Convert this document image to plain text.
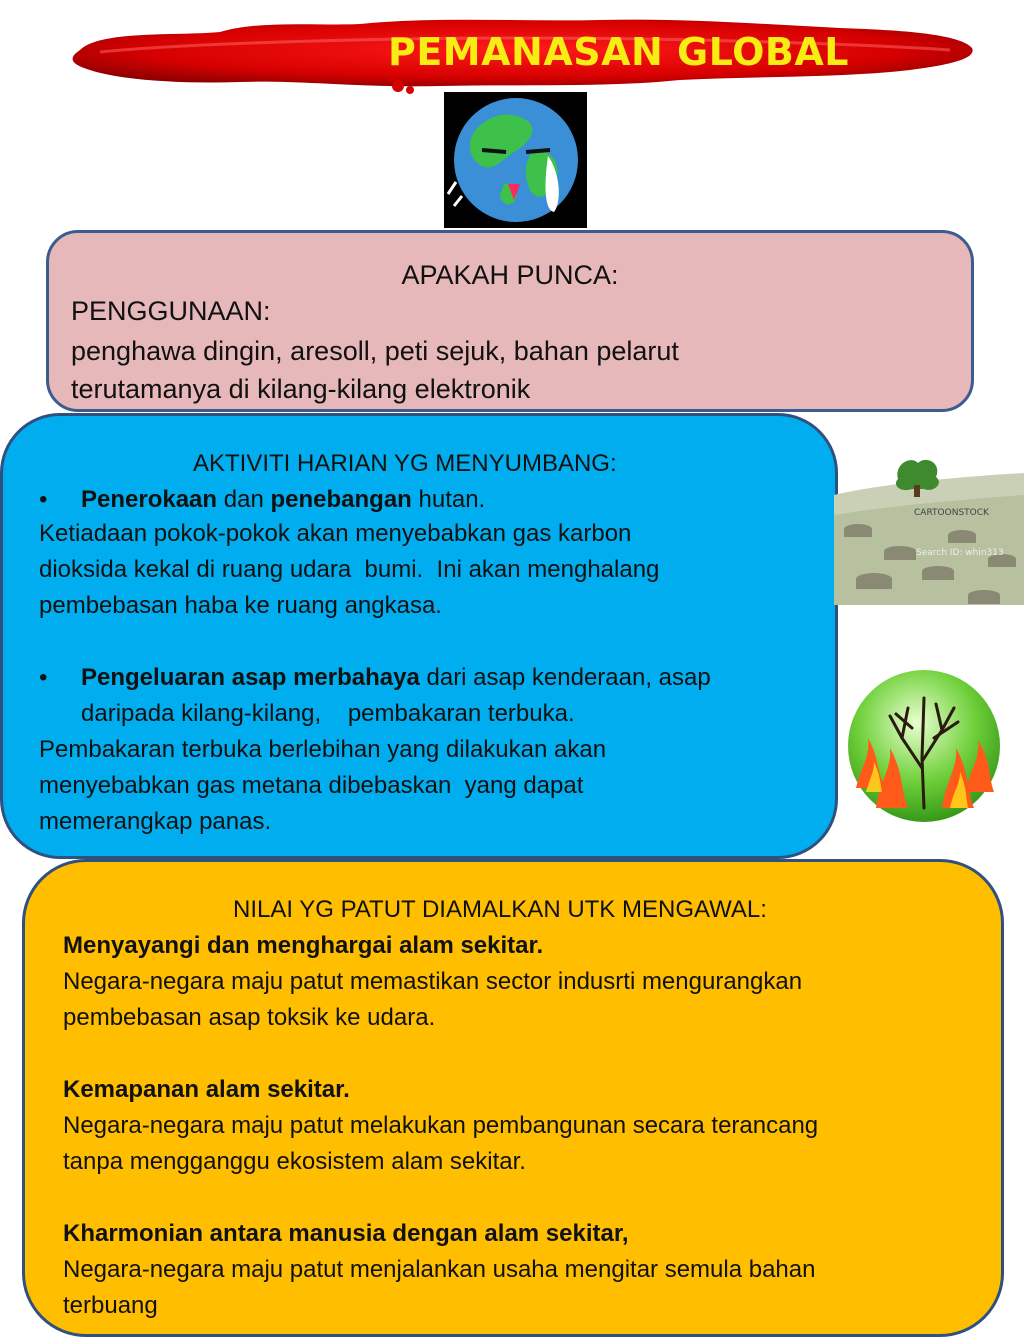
PEMANASAN GLOBAL
APAKAH PUNCA:
PENGGUNAAN:
penghawa dingin, aresoll, peti sejuk, bahan pelarut
terutamanya di kilang-kilang elektronik
AKTIVITI HARIAN YG MENYUMBANG:
• Penerokaan dan penebangan hutan.
Ketiadaan pokok-pokok akan menyebabkan gas karbon
dioksida kekal di ruang udara  bumi.  Ini akan menghalang
pembebasan haba ke ruang angkasa.
• Pengeluaran asap merbahaya dari asap kenderaan, asap
daripada kilang-kilang,    pembakaran terbuka.
Pembakaran terbuka berlebihan yang dilakukan akan
menyebabkan gas metana dibebaskan  yang dapat
memerangkap panas.
CARTOONSTOCK
Search ID: whin313
NILAI YG PATUT DIAMALKAN UTK MENGAWAL:
Menyayangi dan menghargai alam sekitar.
Negara-negara maju patut memastikan sector indusrti mengurangkan
pembebasan asap toksik ke udara.
Kemapanan alam sekitar.
Negara-negara maju patut melakukan pembangunan secara terancang
tanpa mengganggu ekosistem alam sekitar.
Kharmonian antara manusia dengan alam sekitar,
Negara-negara maju patut menjalankan usaha mengitar semula bahan
terbuang
